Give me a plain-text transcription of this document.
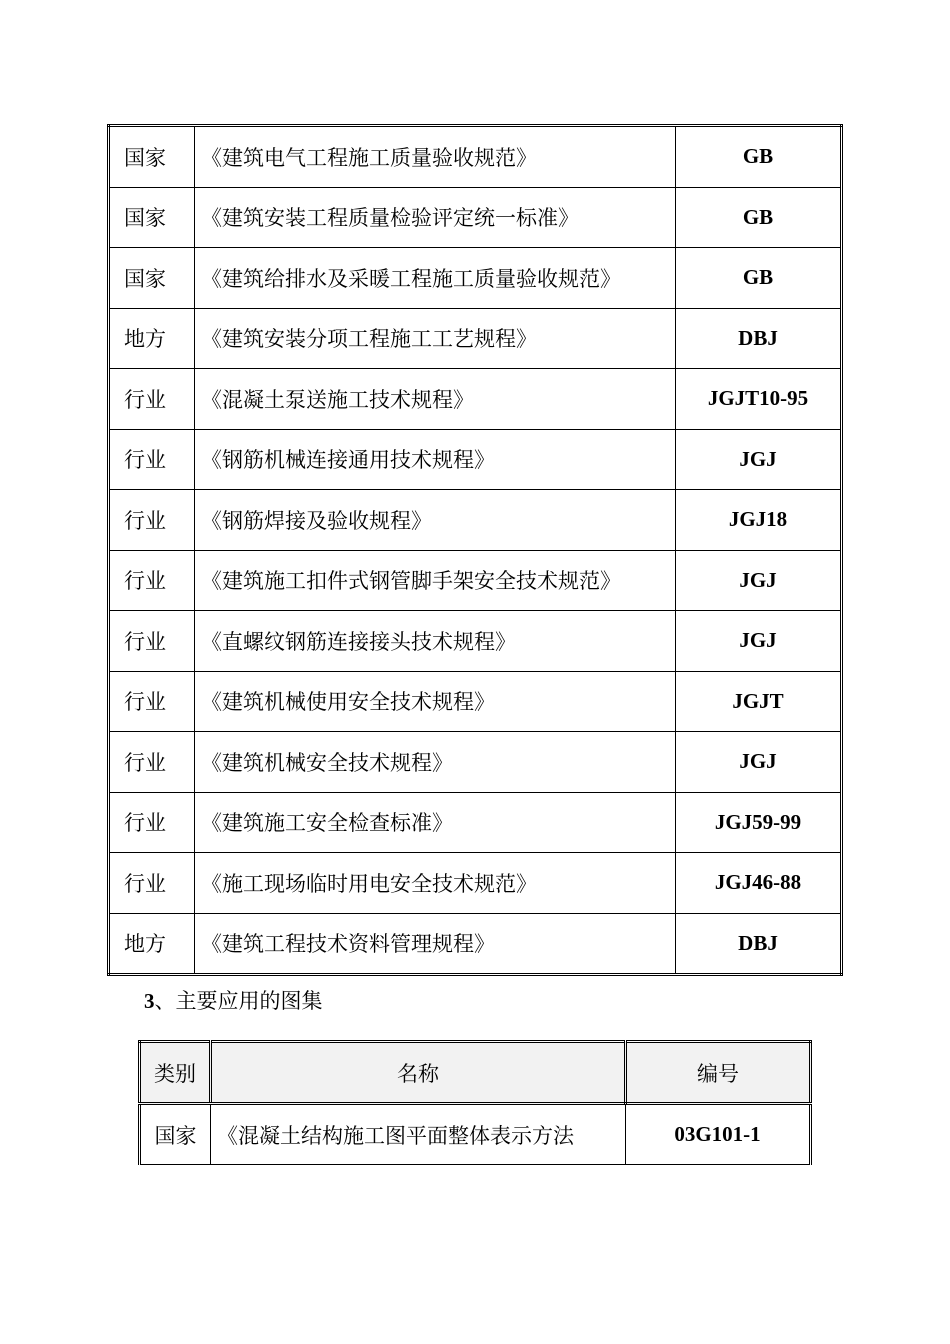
国家	《建筑电气工程施工质量验收规范》	GB
国家	《建筑安装工程质量检验评定统一标准》	GB
国家	《建筑给排水及采暖工程施工质量验收规范》	GB
地方	《建筑安装分项工程施工工艺规程》	DBJ
行业	《混凝土泵送施工技术规程》	JGJT10-95
行业	《钢筋机械连接通用技术规程》	JGJ
行业	《钢筋焊接及验收规程》	JGJ18
行业	《建筑施工扣件式钢管脚手架安全技术规范》	JGJ
行业	《直螺纹钢筋连接接头技术规程》	JGJ
行业	《建筑机械使用安全技术规程》	JGJT
行业	《建筑机械安全技术规程》	JGJ
行业	《建筑施工安全检查标准》	JGJ59-99
行业	《施工现场临时用电安全技术规范》	JGJ46-88
地方	《建筑工程技术资料管理规程》	DBJ
3、主要应用的图集
类别	名称	编号
国家	《混凝土结构施工图平面整体表示方法	03G101-1
